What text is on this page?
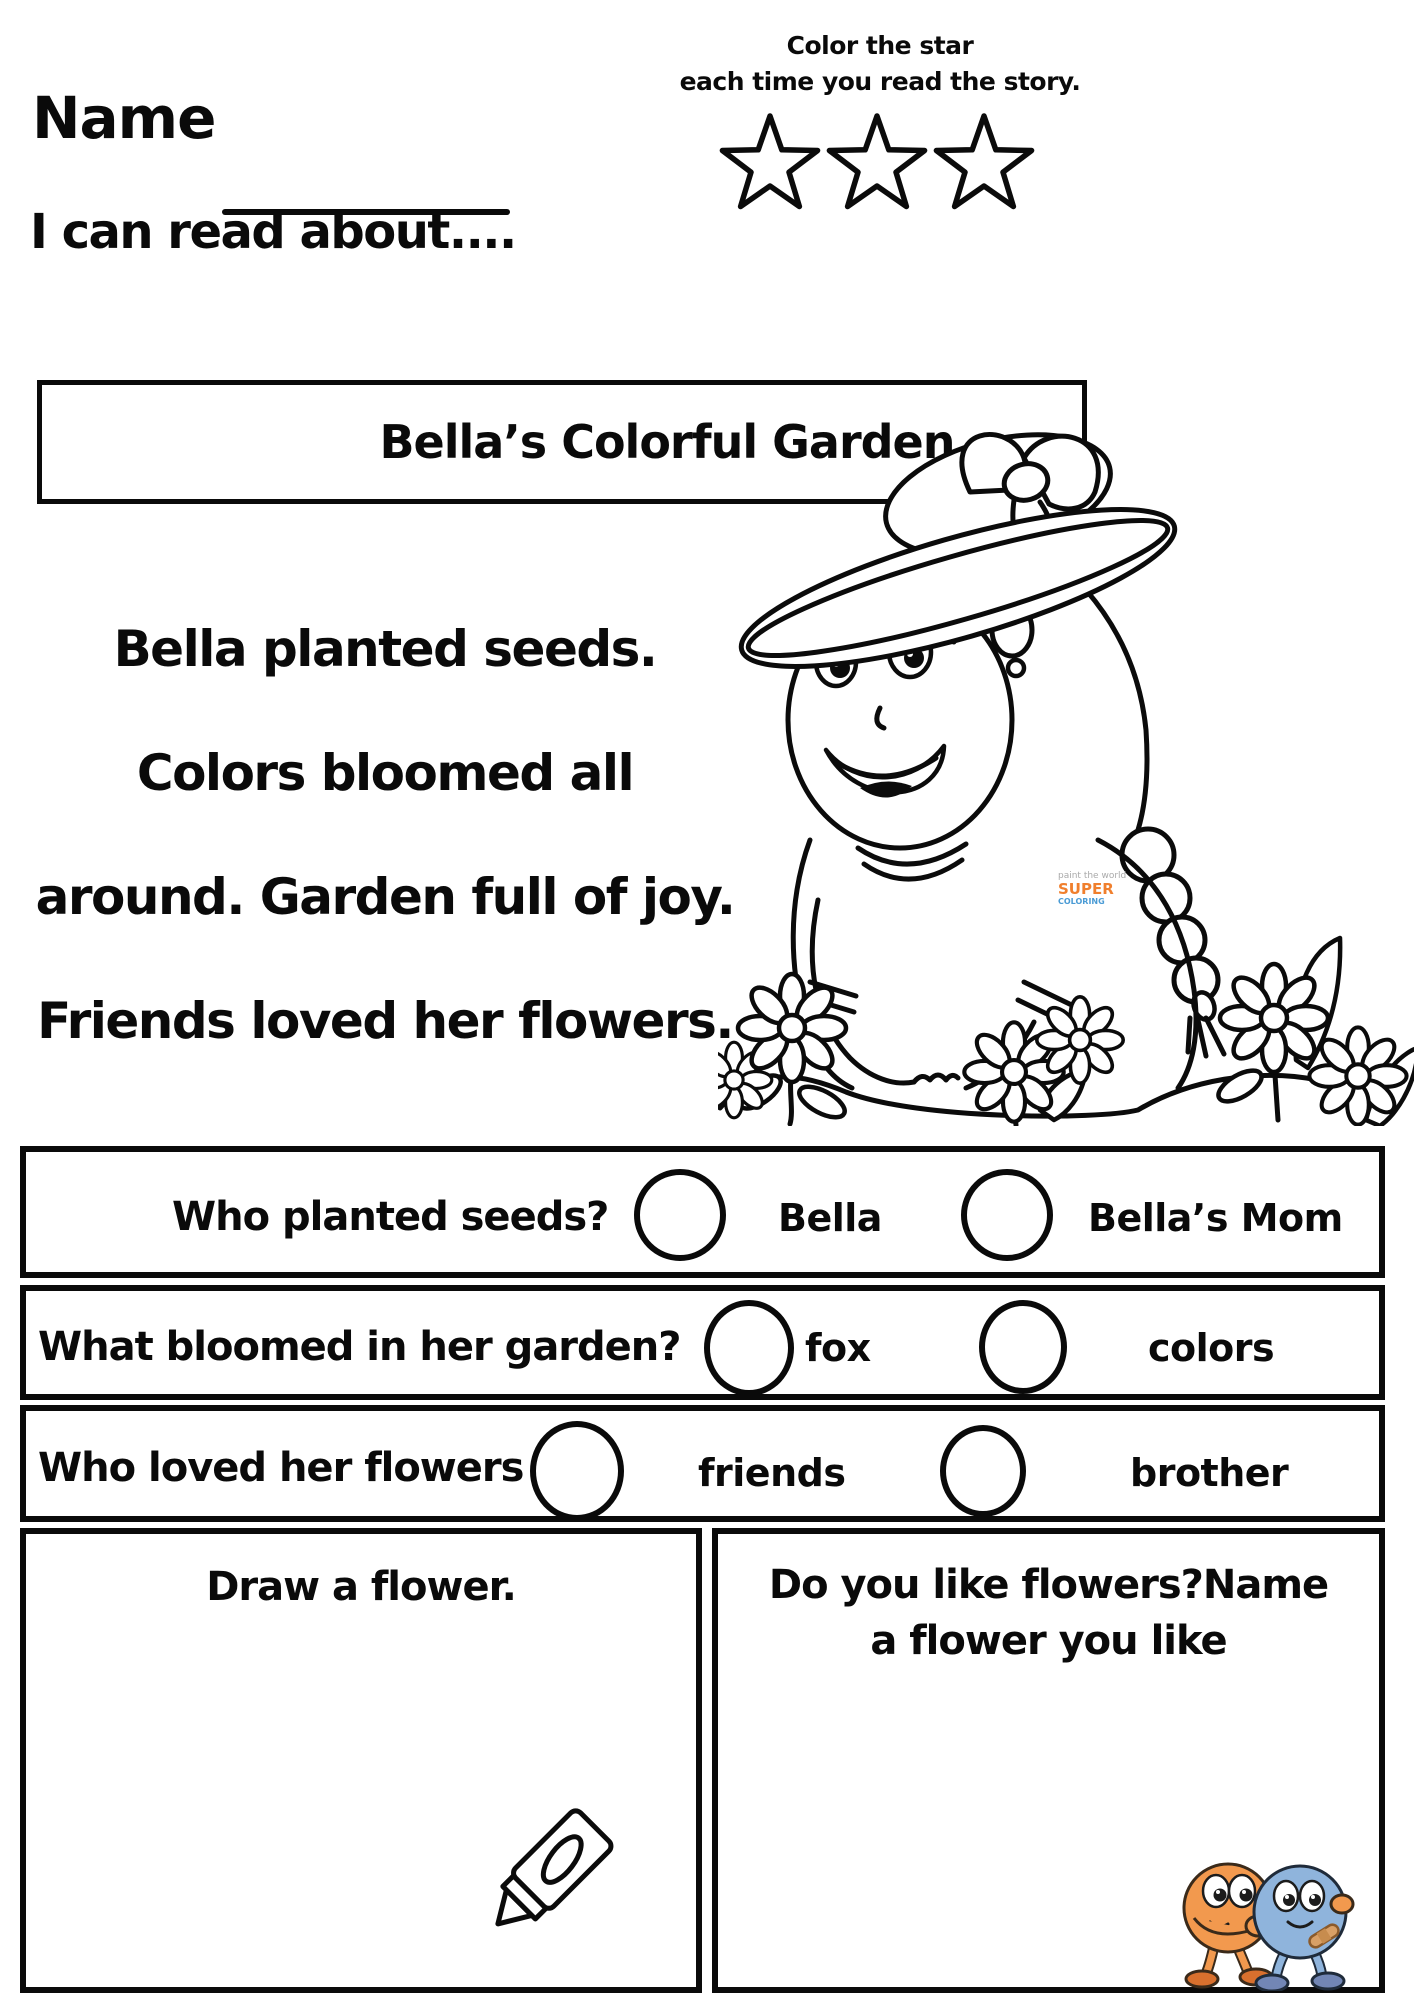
Name
Color the star
each time you read the story.
I can read about....
Bella’s Colorful Garden
Bella planted seeds.
Colors bloomed all
around. Garden full of joy.
Friends loved her flowers.
paint the world
SUPER
COLORING
Who planted seeds?	Bella	Bella’s Mom
What bloomed in her garden?	fox	colors
Who loved her flowers	friends	brother
Draw a flower.	Do you like flowers?Name
a flower you like
